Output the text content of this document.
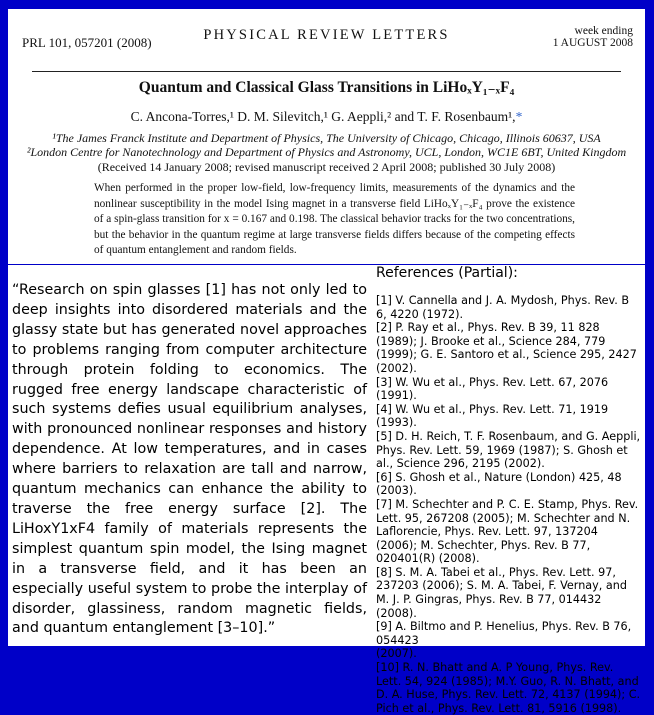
PRL 101, 057201 (2008)	PHYSICAL REVIEW LETTERS	week ending
1 AUGUST 2008
Quantum and Classical Glass Transitions in LiHoₓY₁₋ₓF₄
C. Ancona-Torres,¹ D. M. Silevitch,¹ G. Aeppli,² and T. F. Rosenbaum¹,*
¹The James Franck Institute and Department of Physics, The University of Chicago, Chicago, Illinois 60637, USA
²London Centre for Nanotechnology and Department of Physics and Astronomy, UCL, London, WC1E 6BT, United Kingdom
(Received 14 January 2008; revised manuscript received 2 April 2008; published 30 July 2008)
When performed in the proper low-field, low-frequency limits, measurements of the dynamics and the nonlinear susceptibility in the model Ising magnet in a transverse field LiHoₓY₁₋ₓF₄ prove the existence of a spin-glass transition for x = 0.167 and 0.198. The classical behavior tracks for the two concentrations, but the behavior in the quantum regime at large transverse fields differs because of the competing effects of quantum entanglement and random fields.
“Research on spin glasses [1] has not only led to deep insights into disordered materials and the glassy state but has generated novel approaches to problems ranging from computer architecture through protein folding to economics. The rugged free energy landscape characteristic of such systems defies usual equilibrium analyses, with pronounced nonlinear responses and history dependence. At low temperatures, and in cases where barriers to relaxation are tall and narrow, quantum mechanics can enhance the ability to traverse the free energy surface [2]. The LiHoxY1xF4 family of materials represents the simplest quantum spin model, the Ising magnet in a transverse field, and it has been an especially useful system to probe the interplay of disorder, glassiness, random magnetic fields, and quantum entanglement [3–10].”
References (Partial):
[1] V. Cannella and J. A. Mydosh, Phys. Rev. B 6, 4220 (1972).
[2] P. Ray et al., Phys. Rev. B 39, 11 828 (1989); J. Brooke et al., Science 284, 779 (1999); G. E. Santoro et al., Science 295, 2427 (2002).
[3] W. Wu et al., Phys. Rev. Lett. 67, 2076 (1991).
[4] W. Wu et al., Phys. Rev. Lett. 71, 1919 (1993).
[5] D. H. Reich, T. F. Rosenbaum, and G. Aeppli, Phys. Rev. Lett. 59, 1969 (1987); S. Ghosh et al., Science 296, 2195 (2002).
[6] S. Ghosh et al., Nature (London) 425, 48 (2003).
[7] M. Schechter and P. C. E. Stamp, Phys. Rev. Lett. 95, 267208 (2005); M. Schechter and N. Laflorencie, Phys. Rev. Lett. 97, 137204 (2006); M. Schechter, Phys. Rev. B 77, 020401(R) (2008).
[8] S. M. A. Tabei et al., Phys. Rev. Lett. 97, 237203 (2006); S. M. A. Tabei, F. Vernay, and M. J. P. Gingras, Phys. Rev. B 77, 014432 (2008).
[9] A. Biltmo and P. Henelius, Phys. Rev. B 76, 054423
(2007).
[10] R. N. Bhatt and A. P Young, Phys. Rev. Lett. 54, 924 (1985); M.Y. Guo, R. N. Bhatt, and D. A. Huse, Phys. Rev. Lett. 72, 4137 (1994); C. Pich et al., Phys. Rev. Lett. 81, 5916 (1998).
